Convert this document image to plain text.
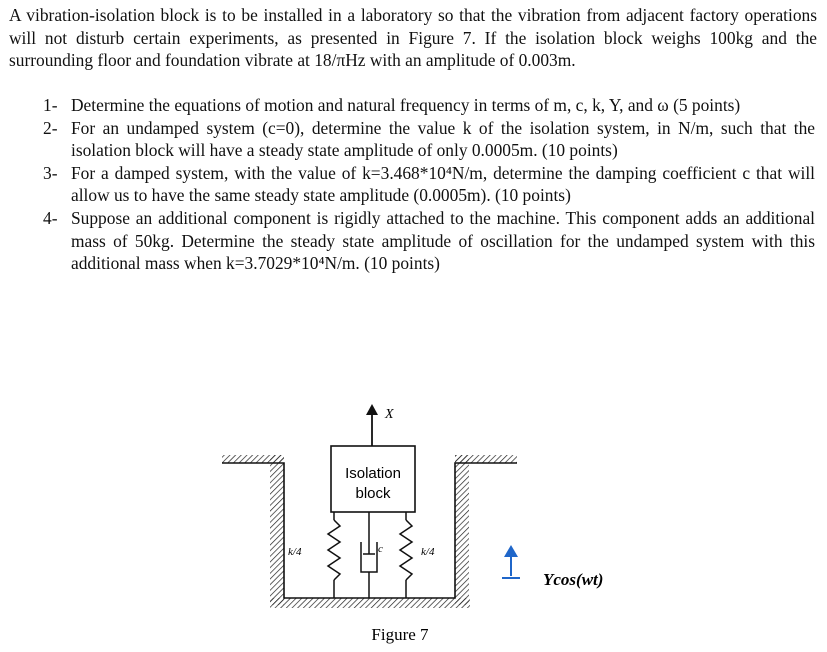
A vibration-isolation block is to be installed in a laboratory so that the vibration from adjacent factory operations will not disturb certain experiments, as presented in Figure 7. If the isolation block weighs 100kg and the surrounding floor and foundation vibrate at 18/πHz with an amplitude of 0.003m.
1- Determine the equations of motion and natural frequency in terms of m, c, k, Y, and ω (5 points)
2- For an undamped system (c=0), determine the value k of the isolation system, in N/m, such that the isolation block will have a steady state amplitude of only 0.0005m. (10 points)
3- For a damped system, with the value of k=3.468*10⁴N/m, determine the damping coefficient c that will allow us to have the same steady state amplitude (0.0005m). (10 points)
4- Suppose an additional component is rigidly attached to the machine. This component adds an additional mass of 50kg. Determine the steady state amplitude of oscillation for the undamped system with this additional mass when k=3.7029*10⁴N/m. (10 points)
Isolation
block
X
k/4	c	k/4
Ycos(wt)
Figure 7
